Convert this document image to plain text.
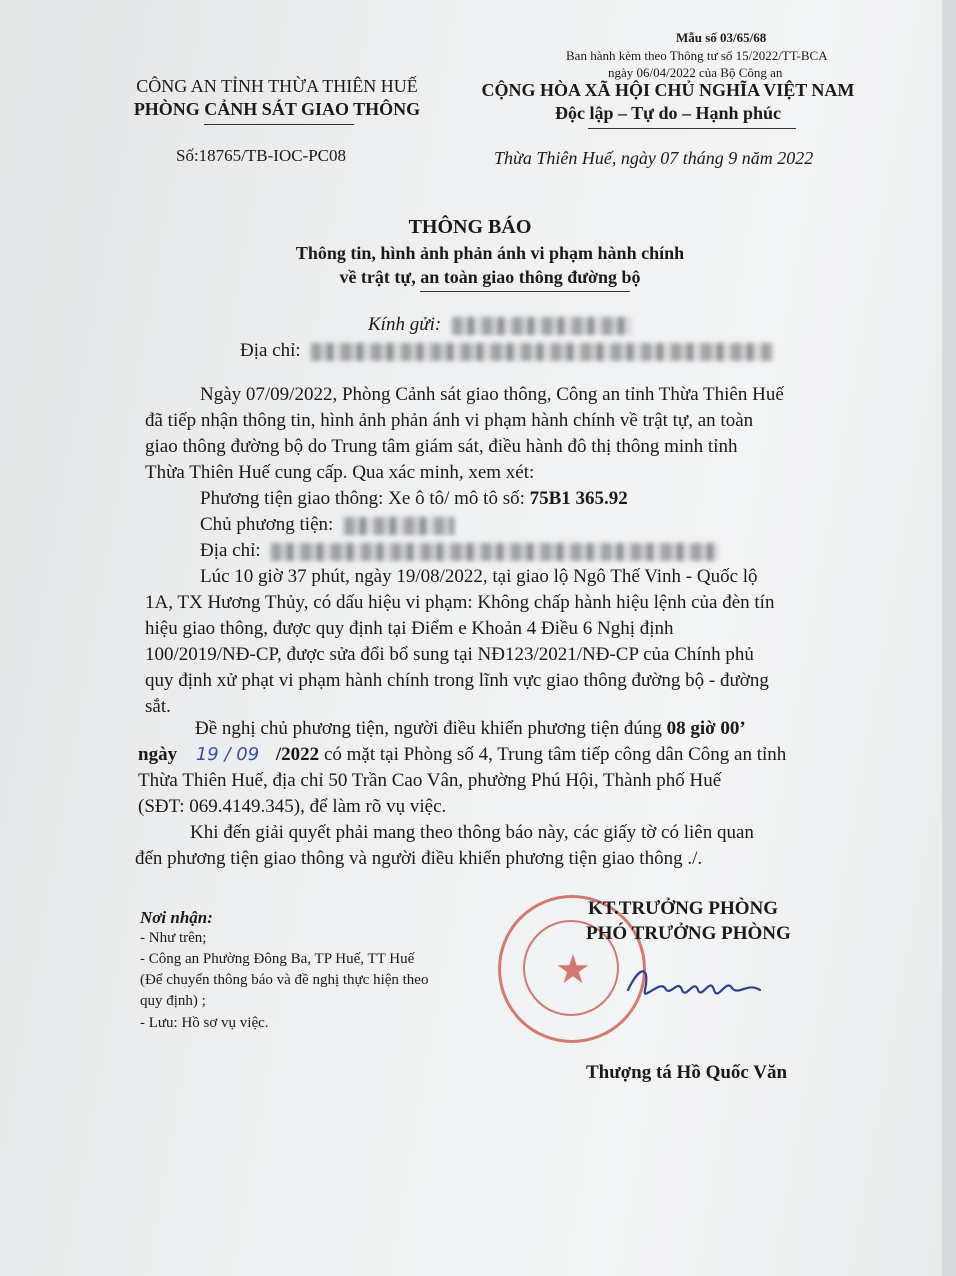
Mẫu số 03/65/68
Ban hành kèm theo Thông tư số 15/2022/TT-BCA
ngày 06/04/2022 của Bộ Công an
CÔNG AN TỈNH THỪA THIÊN HUẾ
PHÒNG CẢNH SÁT GIAO THÔNG
Số:18765/TB-IOC-PC08
CỘNG HÒA XÃ HỘI CHỦ NGHĨA VIỆT NAM
Độc lập – Tự do – Hạnh phúc
Thừa Thiên Huế, ngày 07 tháng 9 năm 2022
THÔNG BÁO
Thông tin, hình ảnh phản ánh vi phạm hành chính
về trật tự, an toàn giao thông đường bộ
Kính gửi:
Địa chỉ:
Ngày 07/09/2022, Phòng Cảnh sát giao thông, Công an tỉnh Thừa Thiên Huế
đã tiếp nhận thông tin, hình ảnh phản ánh vi phạm hành chính về trật tự, an toàn
giao thông đường bộ do Trung tâm giám sát, điều hành đô thị thông minh tỉnh
Thừa Thiên Huế cung cấp. Qua xác minh, xem xét:
Phương tiện giao thông: Xe ô tô/ mô tô số: 75B1 365.92
Chủ phương tiện:
Địa chỉ:
Lúc 10 giờ 37 phút, ngày 19/08/2022, tại giao lộ Ngô Thế Vinh - Quốc lộ
1A, TX Hương Thủy, có dấu hiệu vi phạm: Không chấp hành hiệu lệnh của đèn tín
hiệu giao thông, được quy định tại Điểm e Khoản 4 Điều 6 Nghị định
100/2019/NĐ-CP, được sửa đổi bổ sung tại NĐ123/2021/NĐ-CP của Chính phủ
quy định xử phạt vi phạm hành chính trong lĩnh vực giao thông đường bộ - đường
sắt.
Đề nghị chủ phương tiện, người điều khiển phương tiện đúng 08 giờ 00’
ngày 19 / 09 /2022 có mặt tại Phòng số 4, Trung tâm tiếp công dân Công an tỉnh
Thừa Thiên Huế, địa chỉ 50 Trần Cao Vân, phường Phú Hội, Thành phố Huế
(SĐT: 069.4149.345), để làm rõ vụ việc.
Khi đến giải quyết phải mang theo thông báo này, các giấy tờ có liên quan
đến phương tiện giao thông và người điều khiển phương tiện giao thông ./.
Nơi nhận:
- Như trên;
- Công an Phường Đông Ba, TP Huế, TT Huế
(Để chuyển thông báo và đề nghị thực hiện theo
quy định) ;
- Lưu: Hồ sơ vụ việc.
★
KT.TRƯỞNG PHÒNG
PHÓ TRƯỞNG PHÒNG
Thượng tá Hồ Quốc Văn
